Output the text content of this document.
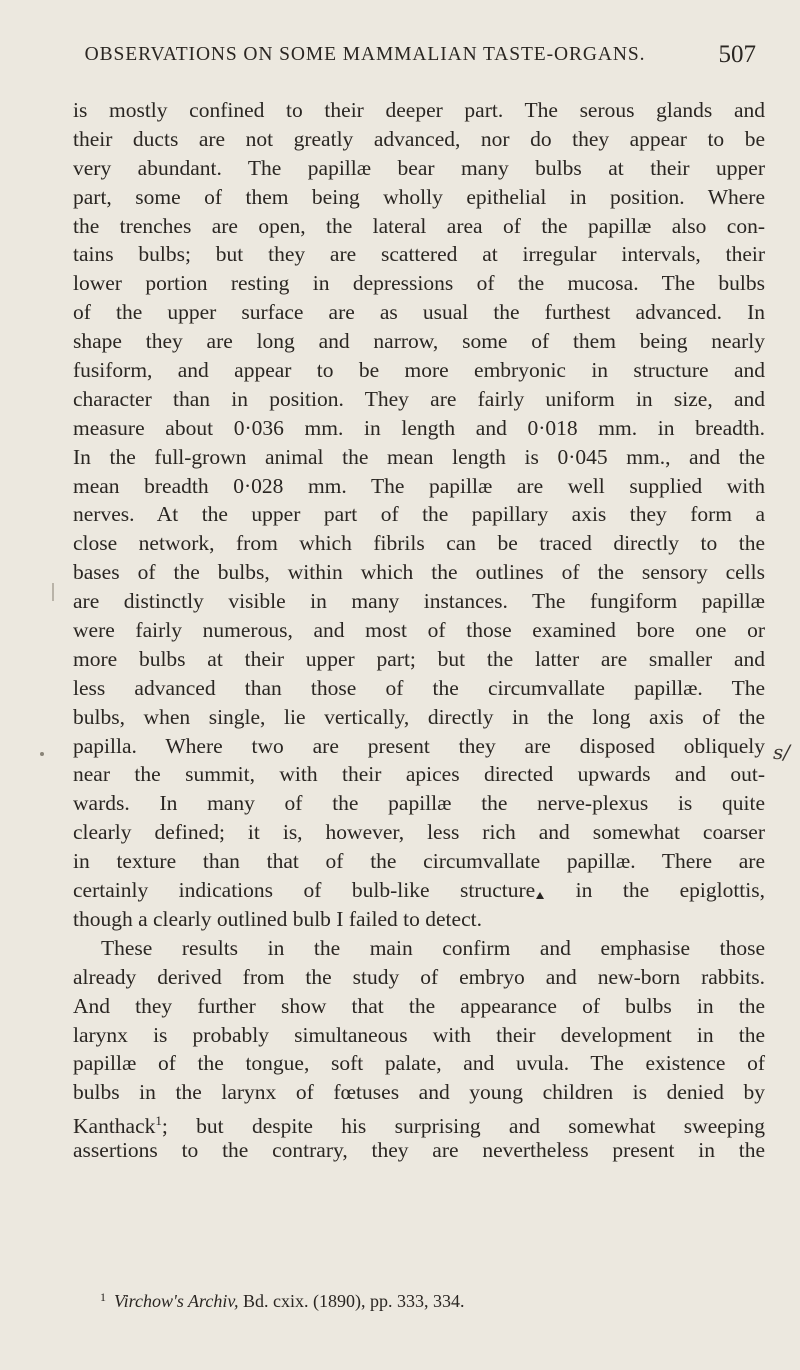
OBSERVATIONS ON SOME MAMMALIAN TASTE-ORGANS.	507
is mostly confined to their deeper part. The serous glands and
their ducts are not greatly advanced, nor do they appear to be
very abundant. The papillæ bear many bulbs at their upper
part, some of them being wholly epithelial in position. Where
the trenches are open, the lateral area of the papillæ also con-
tains bulbs; but they are scattered at irregular intervals, their
lower portion resting in depressions of the mucosa. The bulbs
of the upper surface are as usual the furthest advanced. In
shape they are long and narrow, some of them being nearly
fusiform, and appear to be more embryonic in structure and
character than in position. They are fairly uniform in size, and
measure about 0·036 mm. in length and 0·018 mm. in breadth.
In the full-grown animal the mean length is 0·045 mm., and the
mean breadth 0·028 mm. The papillæ are well supplied with
nerves. At the upper part of the papillary axis they form a
close network, from which fibrils can be traced directly to the
bases of the bulbs, within which the outlines of the sensory cells
are distinctly visible in many instances. The fungiform papillæ
were fairly numerous, and most of those examined bore one or
more bulbs at their upper part; but the latter are smaller and
less advanced than those of the circumvallate papillæ. The
bulbs, when single, lie vertically, directly in the long axis of the
papilla. Where two are present they are disposed obliquely
near the summit, with their apices directed upwards and out-
wards. In many of the papillæ the nerve-plexus is quite
clearly defined; it is, however, less rich and somewhat coarser
in texture than that of the circumvallate papillæ. There are
certainly indications of bulb-like structure in the epiglottis,
though a clearly outlined bulb I failed to detect.
These results in the main confirm and emphasise those
already derived from the study of embryo and new-born rabbits.
And they further show that the appearance of bulbs in the
larynx is probably simultaneous with their development in the
papillæ of the tongue, soft palate, and uvula. The existence of
bulbs in the larynx of fœtuses and young children is denied by
Kanthack$^1$; but despite his surprising and somewhat sweeping
assertions to the contrary, they are nevertheless present in the
s/
$^1$ Virchow's Archiv, Bd. cxix. (1890), pp. 333, 334.
